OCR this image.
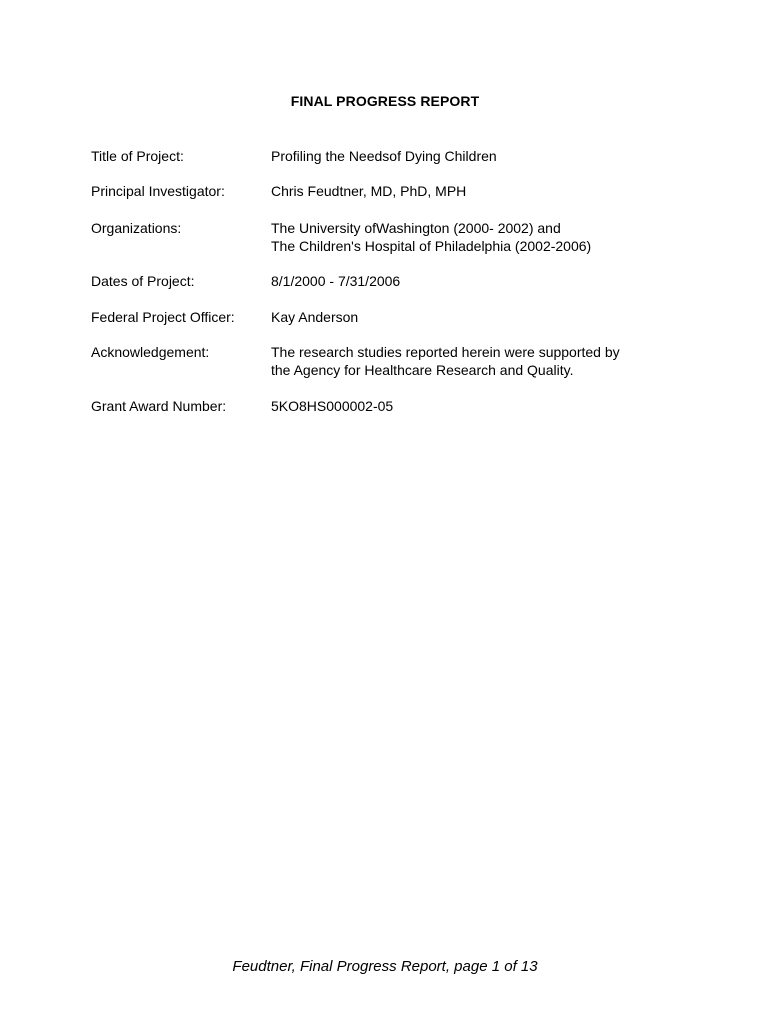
FINAL PROGRESS REPORT
Title of Project:	Profiling the Needsof Dying Children
Principal Investigator:	Chris Feudtner, MD, PhD, MPH
Organizations:	The University ofWashington (2000- 2002) and
The Children's Hospital of Philadelphia (2002-2006)
Dates of Project:	8/1/2000 - 7/31/2006
Federal Project Officer:	Kay Anderson
Acknowledgement:	The research studies reported herein were supported by
the Agency for Healthcare Research and Quality.
Grant Award Number:	5KO8HS000002-05
Feudtner, Final Progress Report, page 1 of 13
